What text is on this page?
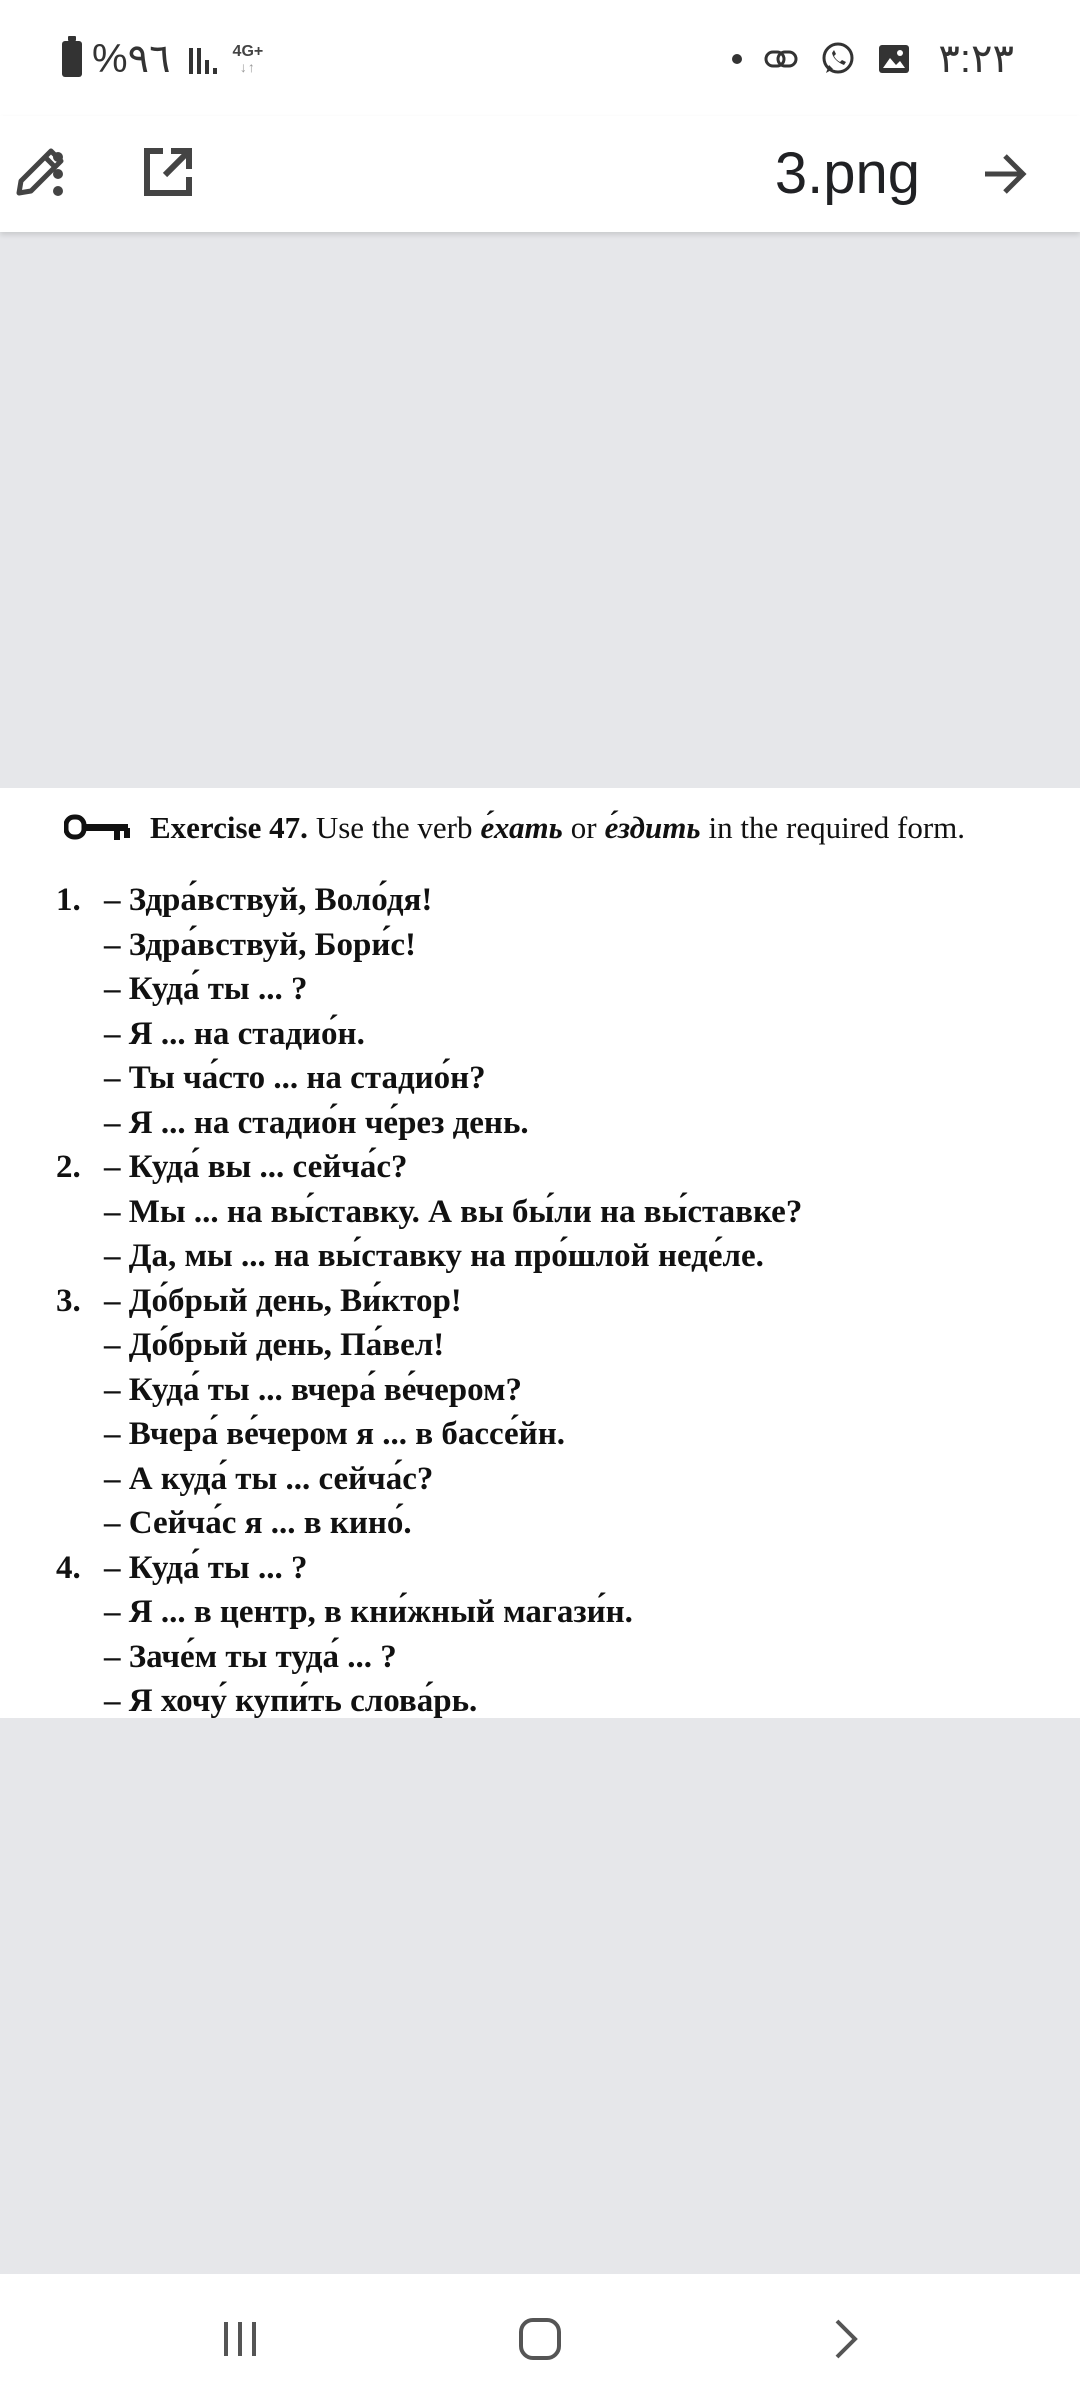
%٩٦	4G+
↓↑	٣:٢٣
3.png
Exercise 47. Use the verb е́хать or е́здить in the required form.
1. – Здра́вствуй, Воло́дя!
– Здра́вствуй, Бори́с!
– Куда́ ты ... ?
– Я ... на стадио́н.
– Ты ча́сто ... на стадио́н?
– Я ... на стадио́н че́рез день.
2. – Куда́ вы ... сейча́с?
– Мы ... на вы́ставку. А вы бы́ли на вы́ставке?
– Да, мы ... на вы́ставку на про́шлой неде́ле.
3. – До́брый день, Ви́ктор!
– До́брый день, Па́вел!
– Куда́ ты ... вчера́ ве́чером?
– Вчера́ ве́чером я ... в бассе́йн.
– А куда́ ты ... сейча́с?
– Сейча́с я ... в кино́.
4. – Куда́ ты ... ?
– Я ... в центр, в кни́жный магази́н.
– Заче́м ты туда́ ... ?
– Я хочу́ купи́ть слова́рь.
